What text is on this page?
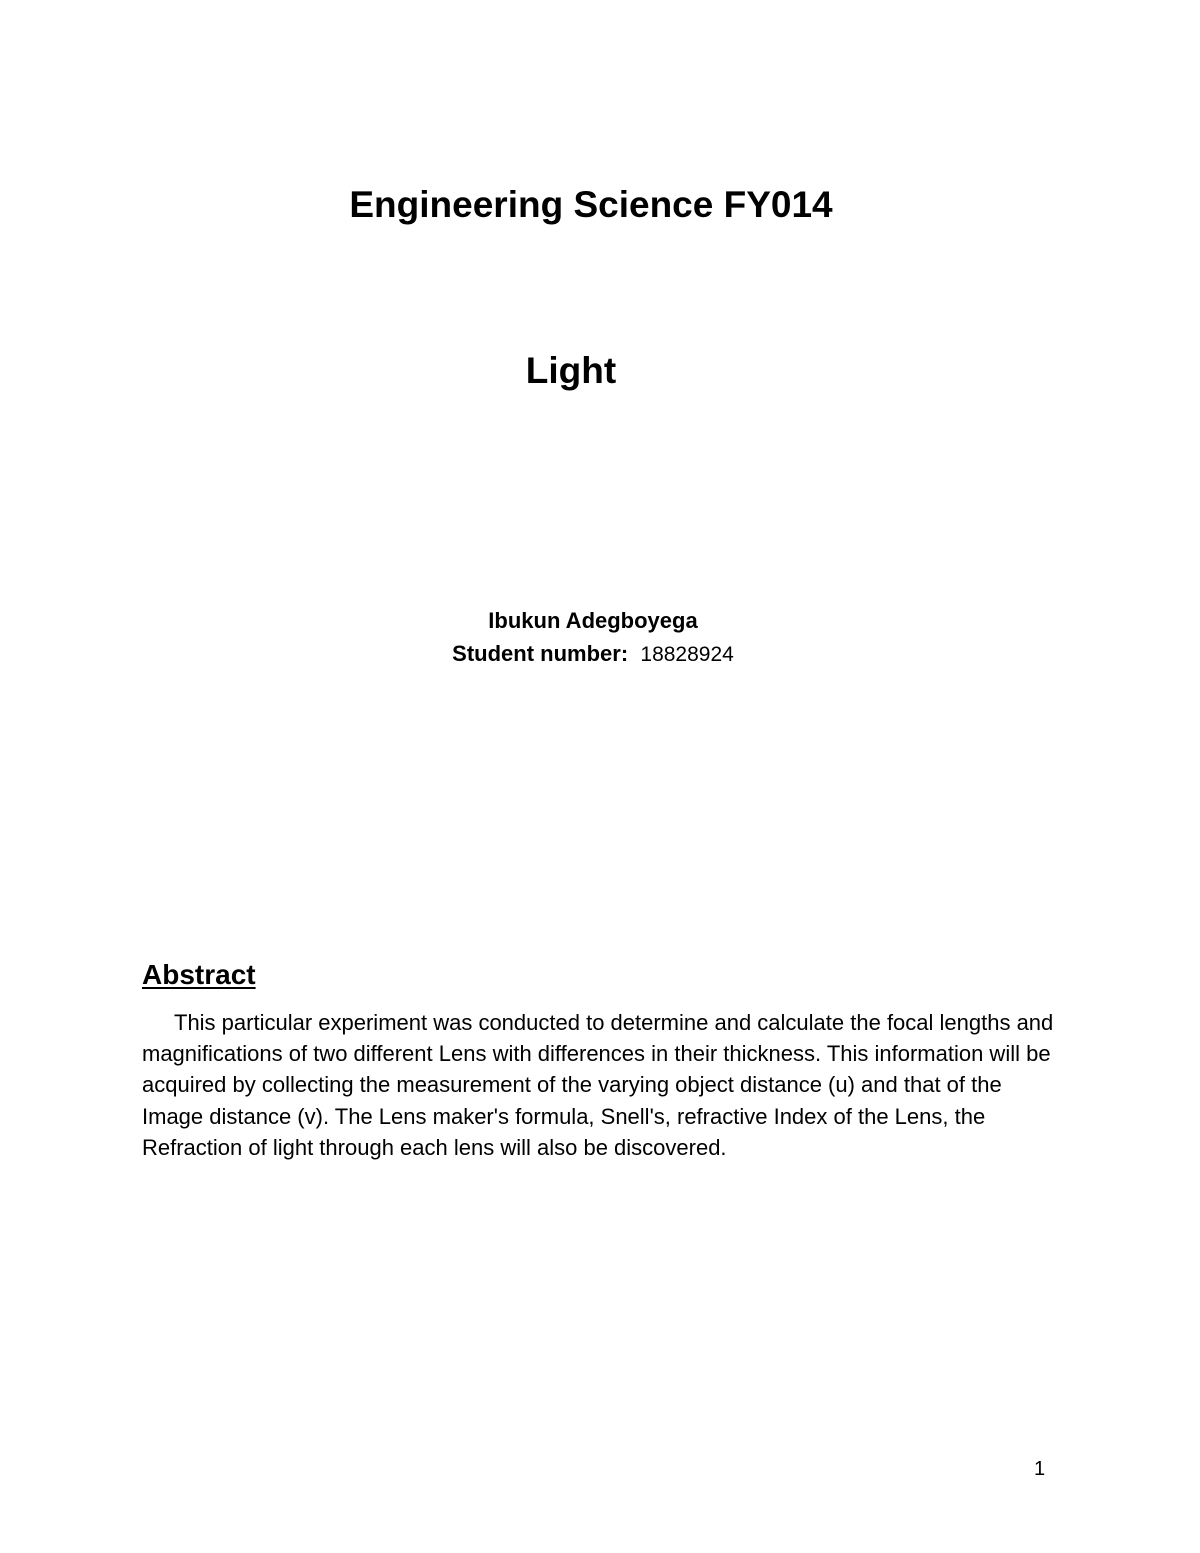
Engineering Science FY014
Light
Ibukun Adegboyega
Student number: 18828924
Abstract
This particular experiment was conducted to determine and calculate the focal lengths and magnifications of two different Lens with differences in their thickness. This information will be acquired by collecting the measurement of the varying object distance (u) and that of the Image distance (v). The Lens maker's formula, Snell's, refractive Index of the Lens, the Refraction of light through each lens will also be discovered.
1
